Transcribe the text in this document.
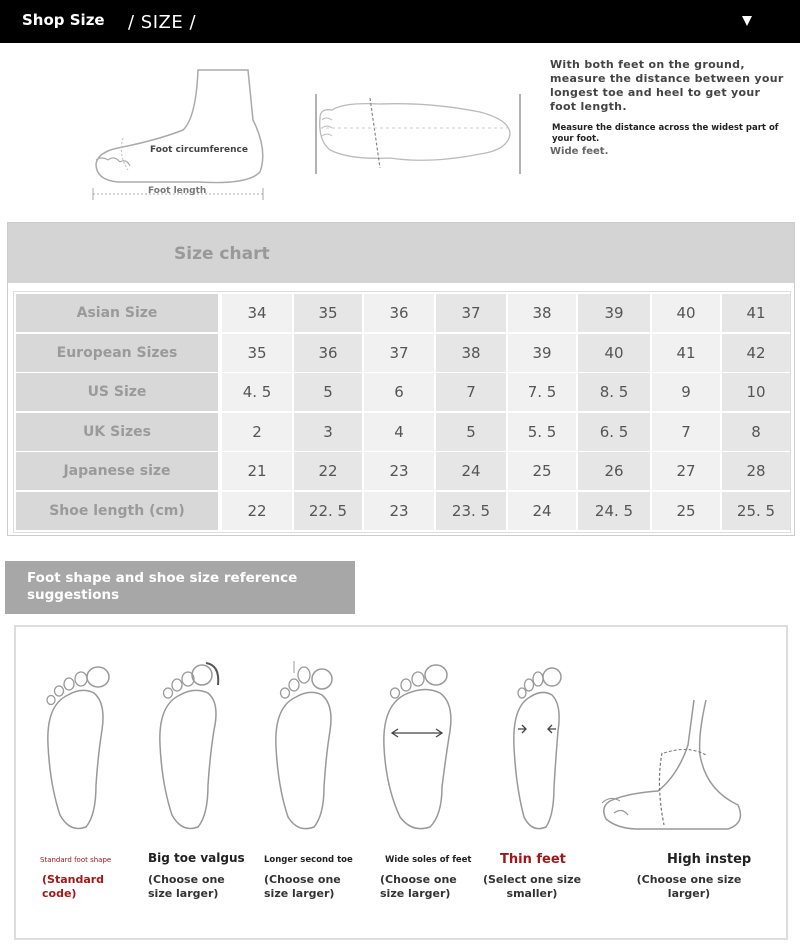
Shop Size / SIZE /
Foot circumference
Foot length
With both feet on the ground, measure the distance between your longest toe and heel to get your foot length.
Measure the distance across the widest part of your foot.
Wide feet.
Size chart
Asian Size	34	35	36	37	38	39	40	41
European Sizes	35	36	37	38	39	40	41	42
US Size	4. 5	5	6	7	7. 5	8. 5	9	10
UK Sizes	2	3	4	5	5. 5	6. 5	7	8
Japanese size	21	22	23	24	25	26	27	28
Shoe length (cm)	22	22. 5	23	23. 5	24	24. 5	25	25. 5
Foot shape and shoe size reference suggestions
Standard foot shape
(Standard code)
Big toe valgus
(Choose one size larger)
Longer second toe
(Choose one size larger)
Wide soles of feet
(Choose one size larger)
Thin feet
(Select one size smaller)
High instep
(Choose one size larger)
